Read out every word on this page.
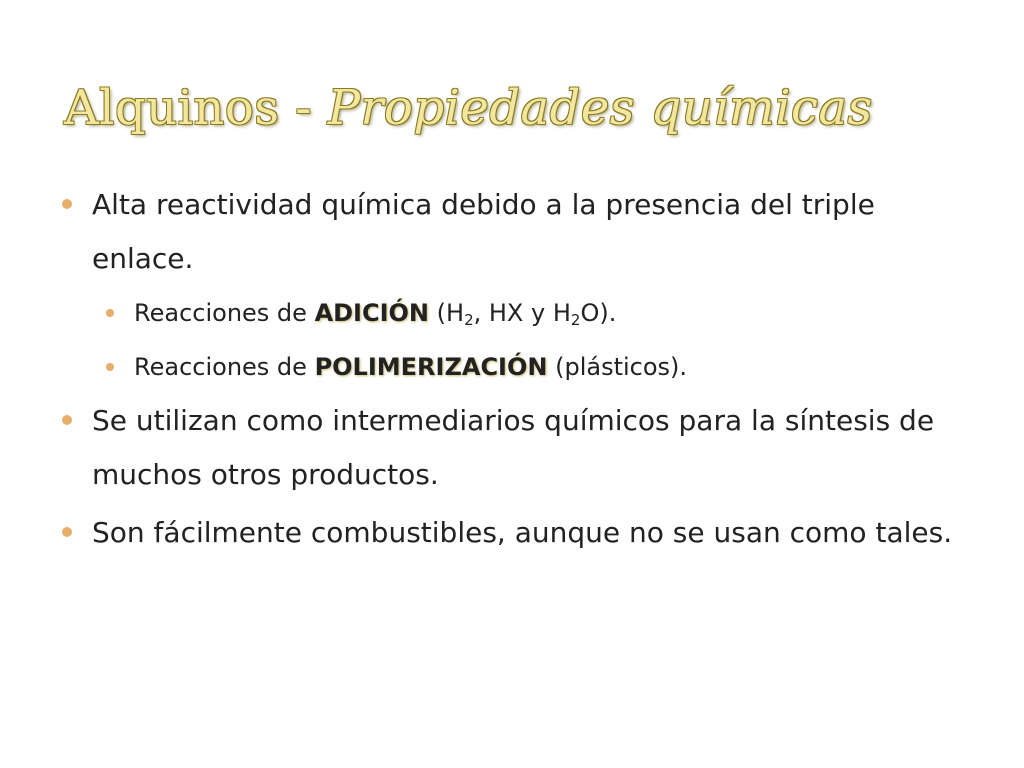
Alquinos - Propiedades químicas

Alta reactividad química debido a la presencia del triple enlace.

Reacciones de ADICIÓN ($H_2$, HX y $H_2O$).

Reacciones de POLIMERIZACIÓN (plásticos).

Se utilizan como intermediarios químicos para la síntesis de muchos otros productos.

Son fácilmente combustibles, aunque no se usan como tales.
